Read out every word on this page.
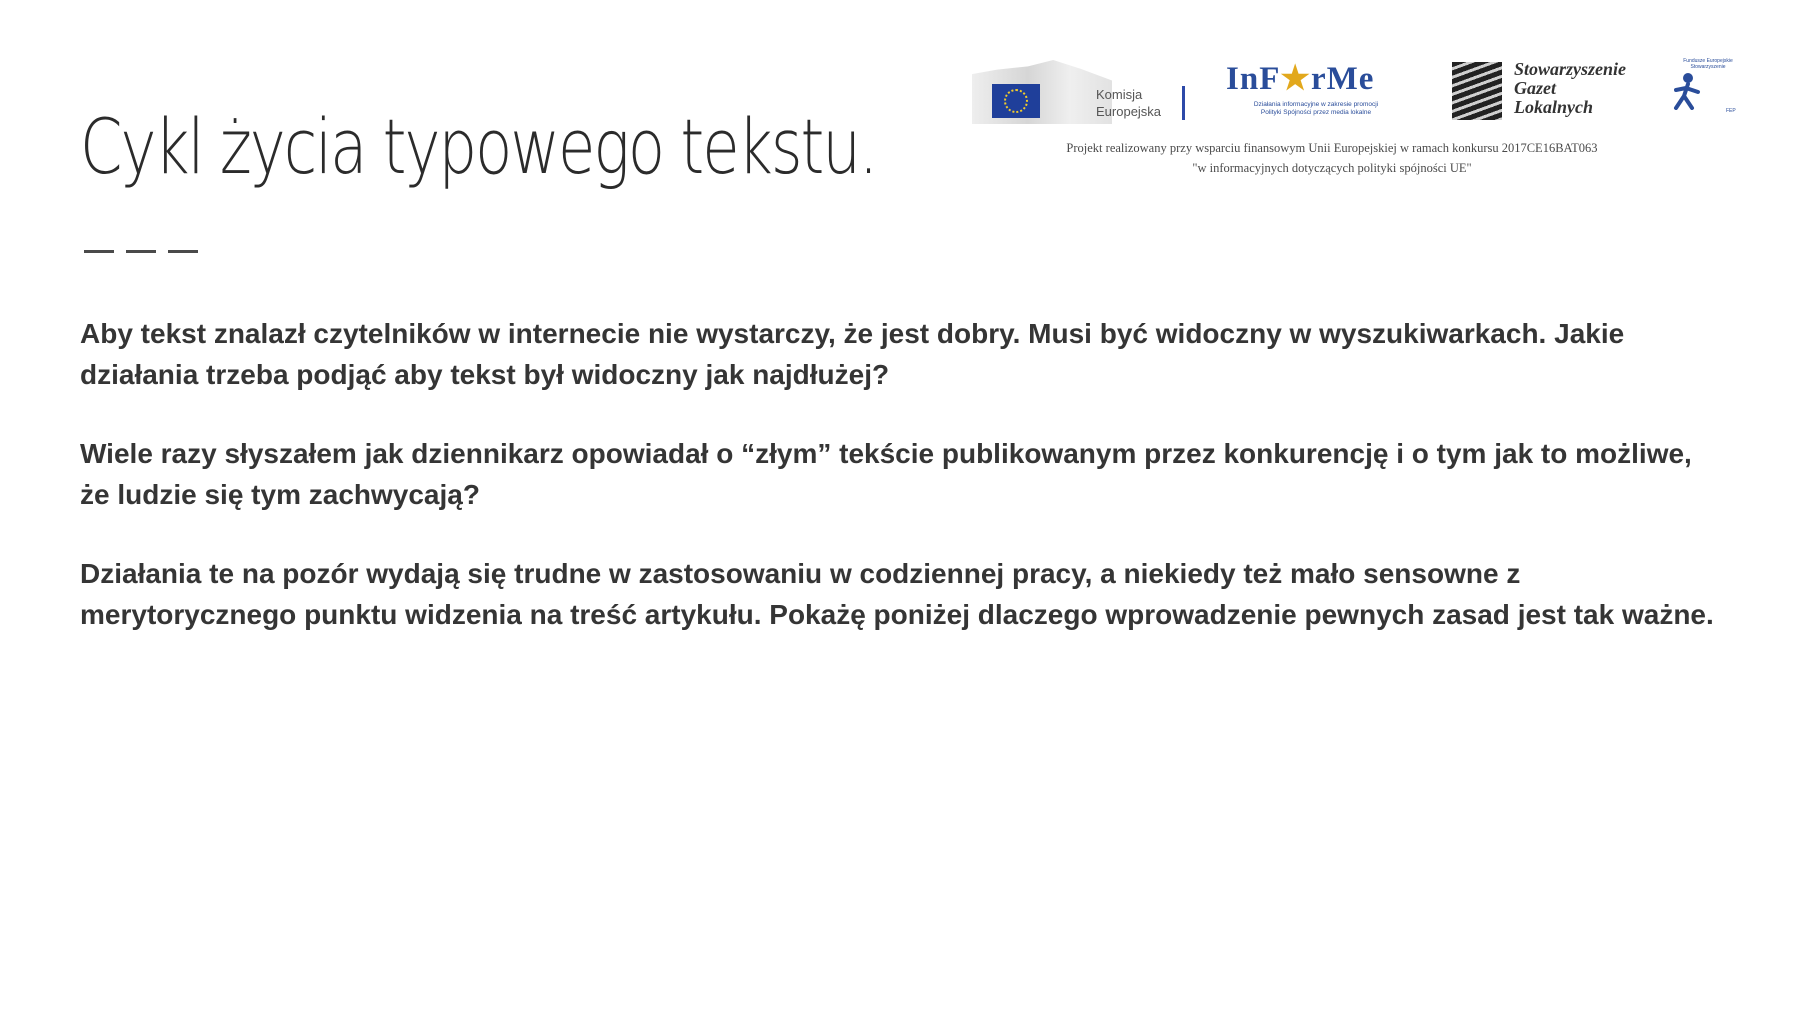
Cykl życia typowego tekstu.
Komisja
Europejska
InF★rMe
Działania informacyjne w zakresie promocji
Polityki Spójności przez media lokalne
Stowarzyszenie
Gazet
Lokalnych
Fundusze Europejskie
Stowarzyszenie
FEP
Projekt realizowany przy wsparciu finansowym Unii Europejskiej w ramach konkursu 2017CE16BAT063
"w informacyjnych dotyczących polityki spójności UE"

Aby tekst znalazł czytelników w internecie nie wystarczy, że jest dobry. Musi być widoczny w wyszukiwarkach. Jakie działania trzeba podjąć aby tekst był widoczny jak najdłużej?

Wiele razy słyszałem jak dziennikarz opowiadał o “złym” tekście publikowanym przez konkurencję i o tym jak to możliwe, że ludzie się tym zachwycają?

Działania te na pozór wydają się trudne w zastosowaniu w codziennej pracy, a niekiedy też mało sensowne z merytorycznego punktu widzenia na treść artykułu. Pokażę poniżej dlaczego wprowadzenie pewnych zasad jest tak ważne.
